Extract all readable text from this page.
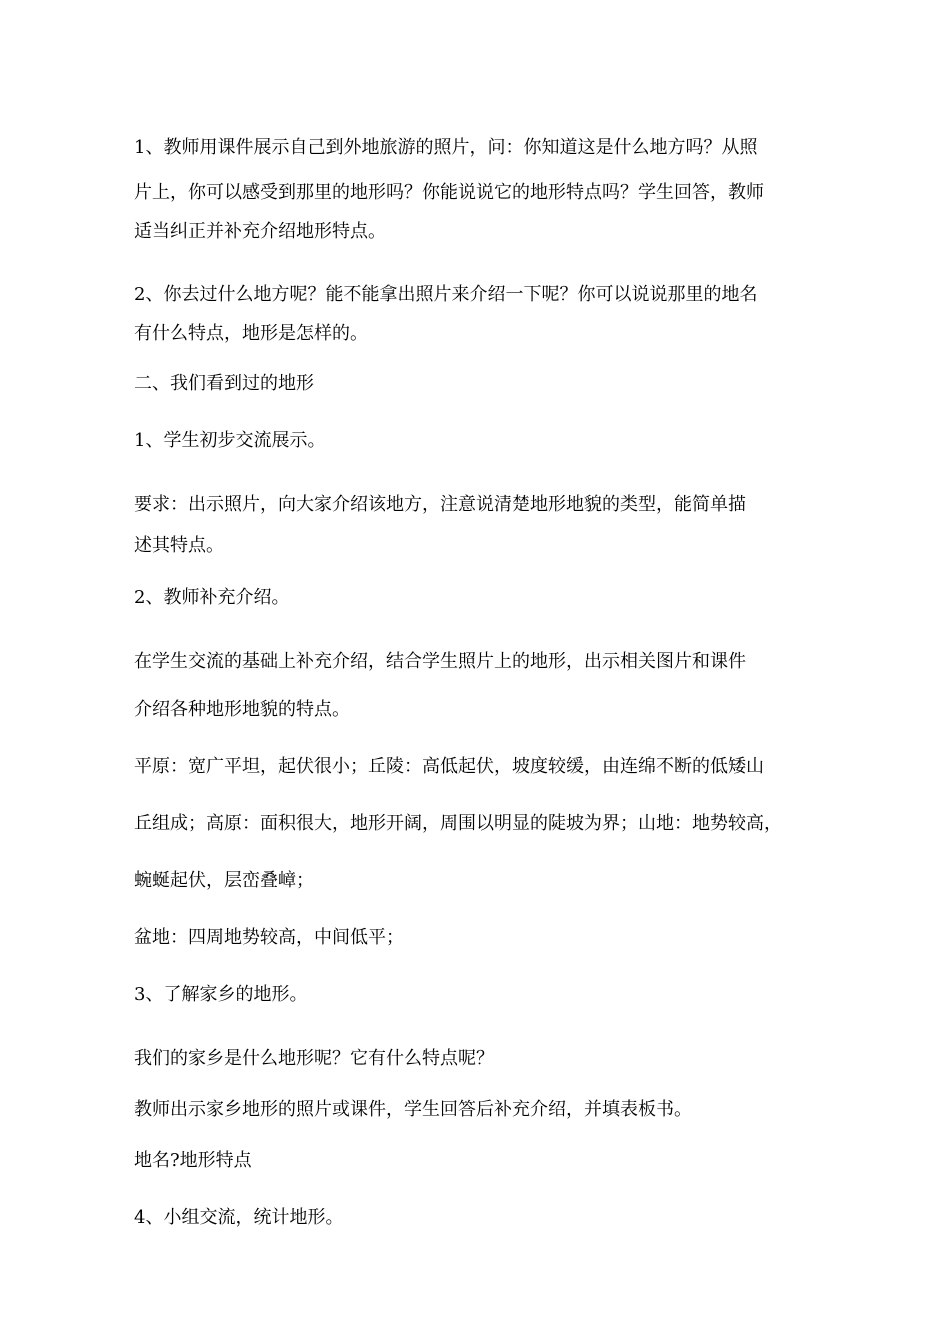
1、教师用课件展示自己到外地旅游的照片，问：你知道这是什么地方吗？从照

片上，你可以感受到那里的地形吗？你能说说它的地形特点吗？学生回答，教师

适当纠正并补充介绍地形特点。

2、你去过什么地方呢？能不能拿出照片来介绍一下呢？你可以说说那里的地名

有什么特点，地形是怎样的。

二、我们看到过的地形

1、学生初步交流展示。

要求：出示照片，向大家介绍该地方，注意说清楚地形地貌的类型，能简单描

述其特点。

2、教师补充介绍。

在学生交流的基础上补充介绍，结合学生照片上的地形，出示相关图片和课件

介绍各种地形地貌的特点。

平原：宽广平坦，起伏很小；丘陵：高低起伏，坡度较缓，由连绵不断的低矮山

丘组成；高原：面积很大，地形开阔，周围以明显的陡坡为界；山地：地势较高，

蜿蜒起伏，层峦叠嶂；

盆地：四周地势较高，中间低平；

3、了解家乡的地形。

我们的家乡是什么地形呢？它有什么特点呢？

教师出示家乡地形的照片或课件，学生回答后补充介绍，并填表板书。

地名?地形特点

4、小组交流，统计地形。
